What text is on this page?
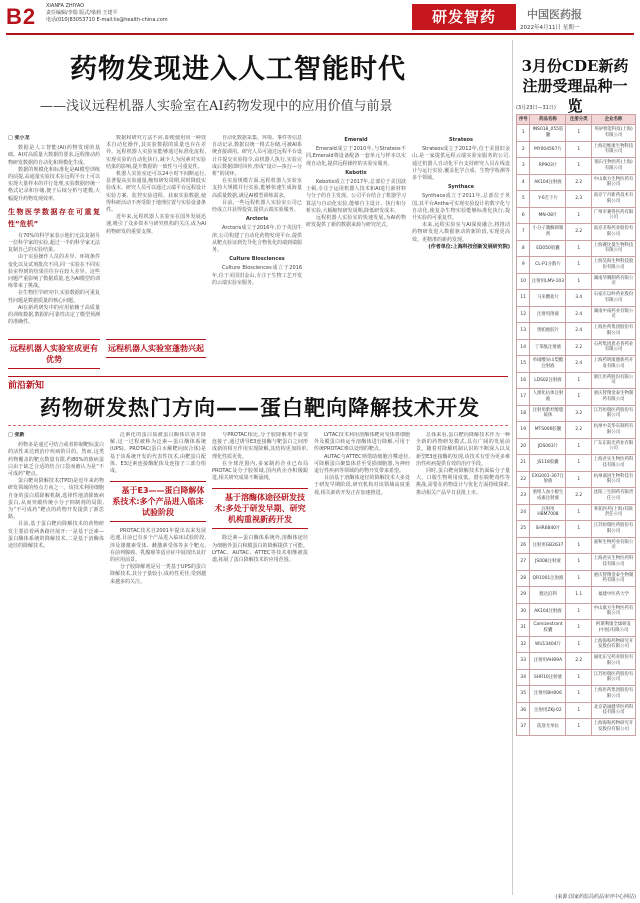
B2 XIANFA ZHIYAO
责任编辑/李瑞 版式/梁莉 王建平
电话(010)83053710 E-mail:lis@health-china.com	研发智药	中国医药报
2022年4月11日 星期一
药物发现进入人工智能时代
——浅议远程机器人实验室在AI药物发现中的应用价值与前景

□ 张小龙

数据是人工智能(AI)药物发现的基础。AI对高质量大数据的要求,远程推动药物研发数据的自动化和规模化生成。

数据的规模化和标准化是AI模型训练的前提,高通量实验技术在远程平台上可以实现大量样本的并行处理,实验数据经统一格式记录和存储,便于后续分析与建模,大幅提升药物发现效率。

生物医学数据存在可重复性“危机”

有70%的科学家表示他们无法复制另一位科学家的实验,超过一半的科学家无法复制自己的实验结果。

由于实验操作人员的差异、环境条件变化以及试剂批次不同,同一实验在不同实验室得到的结果往往存在较大差异。这些问题严重影响了数据质量,也为AI模型的训练带来了挑战。

在生物医学研究中,实验数据的可重复性问题是数据质量的核心问题。

AI在新药研发中的应用依赖于高质量的训练数据,数据的可靠性决定了模型预测的准确性。

远程机器人实验室成更有优势

数据和研究方法不同,即便使用同一种技术自动化操作,其实验数据的质量也存在差异。远程机器人实验室能够通过标准化流程,实现实验的自动化执行,减少人为因素对实验结果的影响,提升数据的一致性与可重复性。

机器人实验室还可以24小时不间断运行,显著提高实验通量,缩短研发周期,同时降低实验成本。研究人员可以通过云端平台远程设计实验方案、监控实验进程、获取实验数据,使得科研活动不再受限于地理位置与实验设备条件。

近年来,远程机器人实验室在国外发展迅速,吸引了众多资本与研究机构的关注,成为AI药物研发的重要支撑。

远程机器人实验室蓬勃兴起

自动化数据采集、环境、事件等信息自动记录,数据以统一格式存储,可被AI系统直接调用。研究人员可通过远程平台设计并提交实验指令,由机器人执行,实验完成后数据即时回传,形成“设计—执行—分析”的闭环。

在实验规模方面,远程机器人实验室支持大规模并行实验,能够快速生成海量高质量数据,满足AI模型训练需求。

目前,一些远程机器人实验室公司已经成立并获得投资,提供云端实验服务。

Arctoris

Arctoris成立于2016年,位于英国牛津,公司构建了自动化药物发现平台,提供从靶点验证到先导化合物优化的端到端服务。

Culture Biosciences

Culture Biosciences成立于2016年,位于美国旧金山,专注于生物工艺开发的云端实验室服务。

Emerald

Emerald成立于2010年,与Strateos不同,Emerald将设备配备一套单元与样本以实现自动化,提供远程操控的实验室服务。

Kebotix

Kebotix成立于2017年,总部位于美国波士顿,专注于运用机器人技术和AI进行新材料与分子的自主发现。公司平台结合了机器学习算法与自动化实验,能够自主设计、执行和分析实验,大幅缩短研发周期,降低研发成本。

远程机器人实验室的快速发展,为AI药物研发提供了新的数据来源与研究范式。

Strateos

Strateos成立于2012年,位于美国旧金山,是一家提供远程云端实验室服务的公司,通过机器人自动化平台支持研究人员在线设计与运行实验,覆盖化学合成、生物学检测等多个领域。

Synthace

Synthace成立于2011年,总部位于英国,其平台Antha可实现实验设计的数字化与自动化,使复杂生物实验能够标准化执行,提升实验的可重复性。

未来,远程实验室与AI深度融合,将推动药物研发进入数据驱动的新阶段,实现更高效、更精准的新药发现。

(作者单位:上海科技创新发展研究院)

3月份CDE新药注册受理品种一览
(3月23日—31日)
序号	药品名称	注册分类	企业名称
1	INS018_055胶囊	1	英矽智能科技(上海)有限公司
2	MY004567片	1	上海迈维康生物科技有限公司
3	RP903片	1	瑞石生物医药(上海)有限公司
4	AK104注射液	2.2	中山康方生物医药有限公司
5	Y-6舌下片	2.3	南京宁丹新药技术有限公司
6	MN-08片	1	广州市赛得医药有限公司
7	小分子激酶抑制剂	2.2	南京圣和药业股份有限公司
8	ED050胶囊	1	上海赛比曼生物科技有限公司
9	CL-P1分散片	1	上海昊海生物科技股份有限公司
10	注射用LMV-103	1	湖南华腾制药有限公司
11	马来酸盐片	3.4	石家庄以岭药业股份有限公司
12	注射用溶液	2.4	湖南中南药业有限公司
13	奥帕他胶片	2.4	上海医药集团股份有限公司
14	丁苯酞注射液	2.2	石药集团恩必普药业有限公司
15	单硝酸异山梨酯注射液	2.4	上海药明康德新药开发有限公司
16	LDS02注射液	1	浙江医药股份有限公司
17	人源化抗体注射液	1	重庆智翔金泰生物制药有限公司
18	注射用紫杉醇脂质体	3.2	江苏恒瑞医药股份有限公司
19	MTS006胶囊	2.2	杭州中美华东制药有限公司
20	JDS063片	1	广东东阳光药业有限公司
21	JS118胶囊	1	上海君实生物医药科技有限公司
22	EXG001-307注射液	1	杭州嘉因生物科技有限公司
23	重组人血小板生成素注射液	2.2	沈阳三生制药有限责任公司
24	注射用HBM7008	1	和铂医药(上海)有限责任公司
25	SHR6840片	1	江苏恒瑞医药股份有限公司
26	注射用GB2637	1	嘉和生物药业有限公司
27	JS008注射液	1	上海君实生物医药科技有限公司
28	QR1001注射液	1	重庆智翔金泰生物制药有限公司
29	德达泊利	1.1	福建中医药大学
30	AK104注射液	1	中山康方生物医药有限公司
31	Camizestrant胶囊	1	阿斯利康全球研发(中国)有限公司
32	WU13404片	1	上海海和药物研究开发股份有限公司
33	注射用AHB9A	2.2	通化东宝药业股份有限公司
34	SHR10注射液	1	江苏恒瑞医药股份有限公司
35	注射用BH006	1	上海医药集团股份有限公司
36	注射用ZKJ-02	1	北京诺诚健华医药科技有限公司
37	依洛尤单抗	1	上海海和药物研究开发股份有限公司
(来源:国家药监局药品审评中心网站)
前沿新知
药物研发热门方向——蛋白靶向降解技术开发

□ 张新

药物多是通过可结合或者抑制靶标蛋白的活性来达到治疗疾病的目的。然而,这类药物覆盖的靶点数量有限,约80%的致病蛋白由于缺乏合适的结合口袋而被认为是“不可成药”靶点。

蛋白靶向降解技术(TPD)是近年来药物研发领域的热点方向之一。该技术利用细胞自身的蛋白质降解机制,选择性地清除致病蛋白,从而突破传统小分子抑制剂的局限,为“不可成药”靶点的药物开发提供了新思路。

目前,基于蛋白靶向降解技术的药物研发主要沿着两条路径展开:一是基于泛素—蛋白酶体系统的降解技术,二是基于溶酶体途径的降解技术。

泛素化的蛋白质被蛋白酶体识别并降解,这一过程被称为泛素—蛋白酶体系统(UPS)。PROTAC(蛋白水解靶向嵌合体)是基于该系统开发的代表性技术,由靶蛋白配体、E3泛素连接酶配体及连接子三部分组成。

基于E3——蛋白降解体系技术:多个产品进入临床试验阶段

PROTAC技术自2001年提出以来发展迅速,目前已有多个产品进入临床试验阶段,涉及雄激素受体、雌激素受体等多个靶点,在前列腺癌、乳腺癌等适应症中展现出良好的应用前景。

分子胶降解剂是另一类基于UPS的蛋白降解技术,其分子量较小,成药性更佳,受到越来越多的关注。

与PROTAC相比,分子胶降解剂不需要连接子,通过诱导E3连接酶与靶蛋白之间形成新的相互作用实现降解,其结构更加简单,理化性质更优。

在全球范围内,多家制药企业已布局PROTAC及分子胶领域,国内药企亦积极跟进,相关研究成果不断涌现。

基于溶酶体途径研发技术:多处于研发早期、研究机构重视新药开发

除泛素—蛋白酶体系统外,溶酶体途径为细胞外蛋白和膜蛋白的降解提供了可能。LYTAC、AUTAC、ATTEC等技术相继被报道,拓展了蛋白降解技术的应用范围。

LYTAC技术利用溶酶体靶向受体将细胞外及膜蛋白转运至溶酶体进行降解,可用于传统PROTAC难以处理的靶点。

AUTAC与ATTEC则借助细胞自噬途径,可降解蛋白聚集体甚至受损细胞器,为神经退行性疾病等领域的药物开发带来希望。

目前基于溶酶体途径的降解技术大多处于研发早期阶段,研究机构对该领域高度重视,相关新药开发正在加速推进。

总体来看,蛋白靶向降解技术作为一种全新的药物研发模式,具有广阔的发展前景。随着对降解机制认识的不断深入以及新型E3连接酶的发现,该技术有望为更多难治性疾病提供有效的治疗手段。

同时,蛋白靶向降解技术仍面临分子量大、口服生物利用度低、潜在脱靶毒性等挑战,需要在药物设计与优化方面持续探索,推动相关产品早日获批上市。
